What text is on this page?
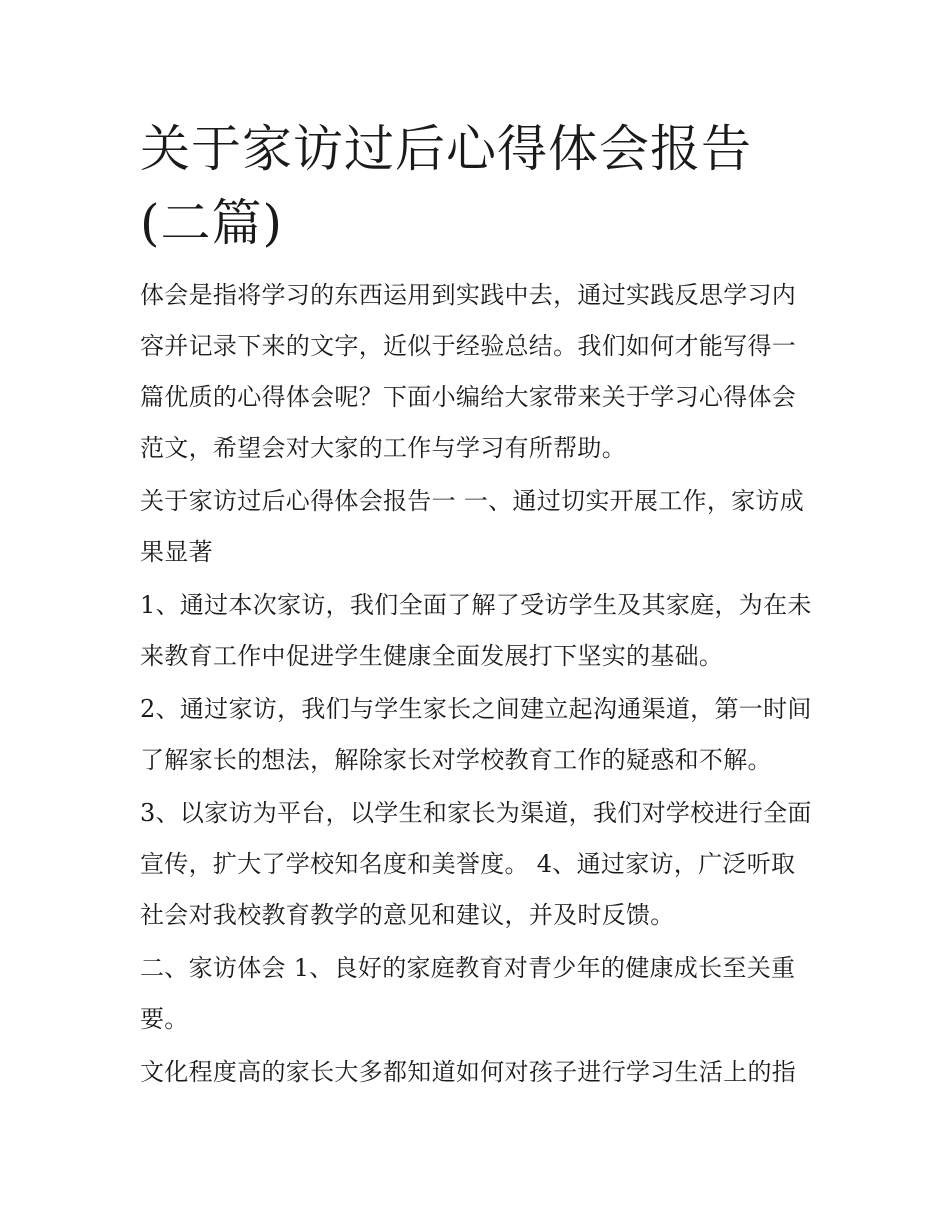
关于家访过后心得体会报告(二篇)

体会是指将学习的东西运用到实践中去，通过实践反思学习内容并记录下来的文字，近似于经验总结。我们如何才能写得一篇优质的心得体会呢？下面小编给大家带来关于学习心得体会范文，希望会对大家的工作与学习有所帮助。

关于家访过后心得体会报告一 一、通过切实开展工作，家访成果显著

1、通过本次家访，我们全面了解了受访学生及其家庭，为在未来教育工作中促进学生健康全面发展打下坚实的基础。

2、通过家访，我们与学生家长之间建立起沟通渠道，第一时间了解家长的想法，解除家长对学校教育工作的疑惑和不解。

3、以家访为平台，以学生和家长为渠道，我们对学校进行全面宣传，扩大了学校知名度和美誉度。 4、通过家访，广泛听取社会对我校教育教学的意见和建议，并及时反馈。

二、家访体会 1、良好的家庭教育对青少年的健康成长至关重要。

文化程度高的家长大多都知道如何对孩子进行学习生活上的指
